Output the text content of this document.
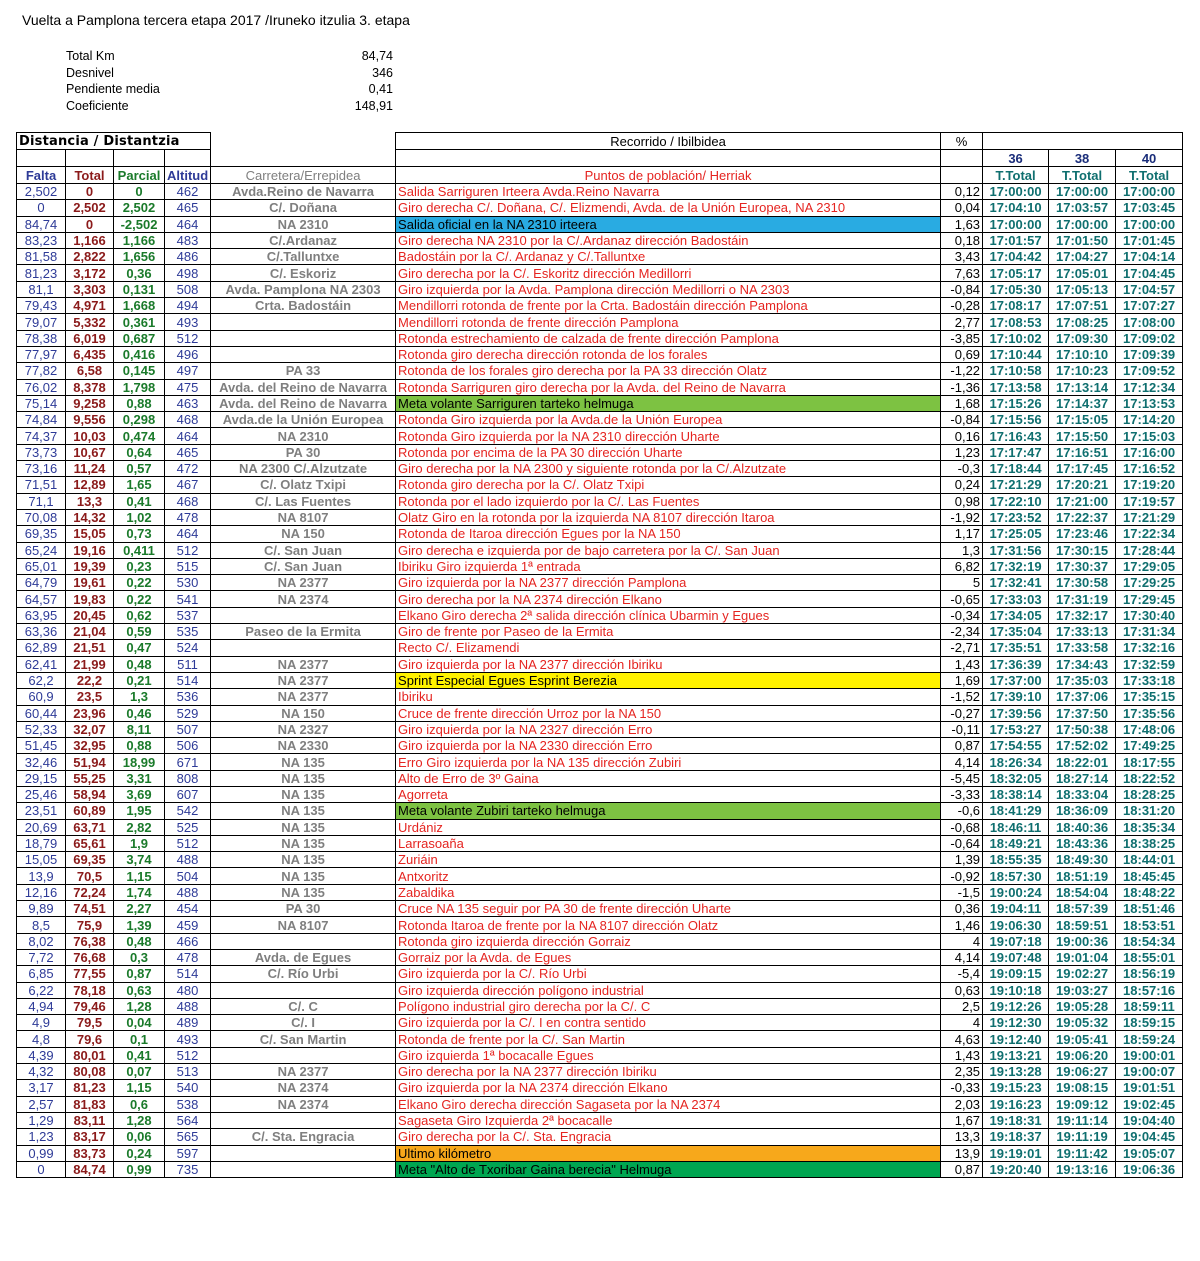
Vuelta a Pamplona tercera etapa 2017 /Iruneko itzulia 3. etapa
Total Km	84,74
Desnivel	346
Pendiente media	0,41
Coeficiente	148,91
Distancia / Distantzia					Recorrido / Ibilbidea	%			
							36	38	40
Falta	Total	Parcial	Altitud	Carretera/Errepidea	Puntos de población/ Herriak		T.Total	T.Total	T.Total
2,502	0	0	462	Avda.Reino de Navarra	Salida Sarriguren Irteera Avda.Reino Navarra	0,12	17:00:00	17:00:00	17:00:00
0	2,502	2,502	465	C/. Doñana	Giro derecha C/. Doñana, C/. Elizmendi, Avda. de la Unión Europea, NA 2310	0,04	17:04:10	17:03:57	17:03:45
84,74	0	-2,502	464	NA 2310	Salida oficial en la NA 2310 irteera	1,63	17:00:00	17:00:00	17:00:00
83,23	1,166	1,166	483	C/.Ardanaz	Giro derecha NA 2310 por la C/.Ardanaz dirección Badostáin	0,18	17:01:57	17:01:50	17:01:45
81,58	2,822	1,656	486	C/.Talluntxe	Badostáin por la C/. Ardanaz y C/.Talluntxe	3,43	17:04:42	17:04:27	17:04:14
81,23	3,172	0,36	498	C/. Eskoriz	Giro derecha por la C/. Eskoritz dirección Medillorri	7,63	17:05:17	17:05:01	17:04:45
81,1	3,303	0,131	508	Avda. Pamplona NA 2303	Giro izquierda por la Avda. Pamplona dirección Medillorri o NA 2303	-0,84	17:05:30	17:05:13	17:04:57
79,43	4,971	1,668	494	Crta. Badostáin	Mendillorri rotonda de frente por la Crta. Badostáin dirección Pamplona	-0,28	17:08:17	17:07:51	17:07:27
79,07	5,332	0,361	493		Mendillorri rotonda de frente dirección Pamplona	2,77	17:08:53	17:08:25	17:08:00
78,38	6,019	0,687	512		Rotonda estrechamiento de calzada de frente dirección Pamplona	-3,85	17:10:02	17:09:30	17:09:02
77,97	6,435	0,416	496		Rotonda giro derecha dirección rotonda de los forales	0,69	17:10:44	17:10:10	17:09:39
77,82	6,58	0,145	497	PA 33	Rotonda de los forales giro derecha por la PA 33 dirección Olatz	-1,22	17:10:58	17:10:23	17:09:52
76,02	8,378	1,798	475	Avda. del Reino de Navarra	Rotonda Sarriguren giro derecha por la Avda. del Reino de Navarra	-1,36	17:13:58	17:13:14	17:12:34
75,14	9,258	0,88	463	Avda. del Reino de Navarra	Meta volante Sarriguren tarteko helmuga	1,68	17:15:26	17:14:37	17:13:53
74,84	9,556	0,298	468	Avda.de la Unión Europea	Rotonda Giro izquierda por la Avda.de la Unión Europea	-0,84	17:15:56	17:15:05	17:14:20
74,37	10,03	0,474	464	NA 2310	Rotonda Giro izquierda por la NA 2310 dirección Uharte	0,16	17:16:43	17:15:50	17:15:03
73,73	10,67	0,64	465	PA 30	Rotonda por encima de la PA 30 dirección Uharte	1,23	17:17:47	17:16:51	17:16:00
73,16	11,24	0,57	472	NA 2300 C/.Alzutzate	Giro derecha por la NA 2300 y siguiente rotonda por la C/.Alzutzate	-0,3	17:18:44	17:17:45	17:16:52
71,51	12,89	1,65	467	C/. Olatz Txipi	Rotonda giro derecha por la C/. Olatz Txipi	0,24	17:21:29	17:20:21	17:19:20
71,1	13,3	0,41	468	C/. Las Fuentes	Rotonda por el lado izquierdo por la C/. Las Fuentes	0,98	17:22:10	17:21:00	17:19:57
70,08	14,32	1,02	478	NA 8107	Olatz Giro en la rotonda por la izquierda NA 8107 dirección Itaroa	-1,92	17:23:52	17:22:37	17:21:29
69,35	15,05	0,73	464	NA 150	Rotonda de Itaroa dirección Egues por la NA 150	1,17	17:25:05	17:23:46	17:22:34
65,24	19,16	0,411	512	C/. San Juan	Giro derecha e izquierda por de bajo carretera por la C/. San Juan	1,3	17:31:56	17:30:15	17:28:44
65,01	19,39	0,23	515	C/. San Juan	Ibiriku Giro izquierda 1ª entrada	6,82	17:32:19	17:30:37	17:29:05
64,79	19,61	0,22	530	NA 2377	Giro izquierda por la NA 2377 dirección Pamplona	5	17:32:41	17:30:58	17:29:25
64,57	19,83	0,22	541	NA 2374	Giro derecha por la NA 2374 dirección Elkano	-0,65	17:33:03	17:31:19	17:29:45
63,95	20,45	0,62	537		Elkano Giro derecha 2ª salida dirección clínica Ubarmin y Egues	-0,34	17:34:05	17:32:17	17:30:40
63,36	21,04	0,59	535	Paseo de la Ermita	Giro de frente por Paseo de la Ermita	-2,34	17:35:04	17:33:13	17:31:34
62,89	21,51	0,47	524		Recto C/. Elizamendi	-2,71	17:35:51	17:33:58	17:32:16
62,41	21,99	0,48	511	NA 2377	Giro izquierda por la NA 2377 dirección Ibiriku	1,43	17:36:39	17:34:43	17:32:59
62,2	22,2	0,21	514	NA 2377	Sprint Especial Egues Esprint Berezia	1,69	17:37:00	17:35:03	17:33:18
60,9	23,5	1,3	536	NA 2377	Ibiriku	-1,52	17:39:10	17:37:06	17:35:15
60,44	23,96	0,46	529	NA 150	Cruce de frente dirección Urroz por la NA 150	-0,27	17:39:56	17:37:50	17:35:56
52,33	32,07	8,11	507	NA 2327	Giro izquierda por la NA 2327 dirección Erro	-0,11	17:53:27	17:50:38	17:48:06
51,45	32,95	0,88	506	NA 2330	Giro izquierda por la NA 2330 dirección Erro	0,87	17:54:55	17:52:02	17:49:25
32,46	51,94	18,99	671	NA 135	Erro Giro izquierda por la NA 135 dirección Zubiri	4,14	18:26:34	18:22:01	18:17:55
29,15	55,25	3,31	808	NA 135	Alto de Erro de 3º Gaina	-5,45	18:32:05	18:27:14	18:22:52
25,46	58,94	3,69	607	NA 135	Agorreta	-3,33	18:38:14	18:33:04	18:28:25
23,51	60,89	1,95	542	NA 135	Meta volante Zubiri tarteko helmuga	-0,6	18:41:29	18:36:09	18:31:20
20,69	63,71	2,82	525	NA 135	Urdániz	-0,68	18:46:11	18:40:36	18:35:34
18,79	65,61	1,9	512	NA 135	Larrasoaña	-0,64	18:49:21	18:43:36	18:38:25
15,05	69,35	3,74	488	NA 135	Zuriáin	1,39	18:55:35	18:49:30	18:44:01
13,9	70,5	1,15	504	NA 135	Antxoritz	-0,92	18:57:30	18:51:19	18:45:45
12,16	72,24	1,74	488	NA 135	Zabaldika	-1,5	19:00:24	18:54:04	18:48:22
9,89	74,51	2,27	454	PA 30	Cruce NA 135 seguir por PA 30 de frente dirección Uharte	0,36	19:04:11	18:57:39	18:51:46
8,5	75,9	1,39	459	NA 8107	Rotonda Itaroa de frente por la NA 8107 dirección Olatz	1,46	19:06:30	18:59:51	18:53:51
8,02	76,38	0,48	466		Rotonda giro izquierda dirección Gorraiz	4	19:07:18	19:00:36	18:54:34
7,72	76,68	0,3	478	Avda. de Egues	Gorraiz por la Avda. de Egues	4,14	19:07:48	19:01:04	18:55:01
6,85	77,55	0,87	514	C/. Río Urbi	Giro izquierda por la C/. Río Urbi	-5,4	19:09:15	19:02:27	18:56:19
6,22	78,18	0,63	480		Giro izquierda dirección polígono industrial	0,63	19:10:18	19:03:27	18:57:16
4,94	79,46	1,28	488	C/. C	Polígono industrial giro derecha por la C/. C	2,5	19:12:26	19:05:28	18:59:11
4,9	79,5	0,04	489	C/. I	Giro izquierda por la C/. I en contra sentido	4	19:12:30	19:05:32	18:59:15
4,8	79,6	0,1	493	C/. San Martin	Rotonda de frente por la C/. San Martin	4,63	19:12:40	19:05:41	18:59:24
4,39	80,01	0,41	512		Giro izquierda 1ª bocacalle Egues	1,43	19:13:21	19:06:20	19:00:01
4,32	80,08	0,07	513	NA 2377	Giro derecha por la NA 2377 dirección Ibiriku	2,35	19:13:28	19:06:27	19:00:07
3,17	81,23	1,15	540	NA 2374	Giro izquierda por la NA 2374 dirección Elkano	-0,33	19:15:23	19:08:15	19:01:51
2,57	81,83	0,6	538	NA 2374	Elkano Giro derecha dirección Sagaseta por la NA 2374	2,03	19:16:23	19:09:12	19:02:45
1,29	83,11	1,28	564		Sagaseta Giro Izquierda 2ª bocacalle	1,67	19:18:31	19:11:14	19:04:40
1,23	83,17	0,06	565	C/. Sta. Engracia	Giro derecha por la C/. Sta. Engracia	13,3	19:18:37	19:11:19	19:04:45
0,99	83,73	0,24	597		Ultimo kilómetro	13,9	19:19:01	19:11:42	19:05:07
0	84,74	0,99	735		Meta "Alto de Txoribar Gaina berecia" Helmuga	0,87	19:20:40	19:13:16	19:06:36
